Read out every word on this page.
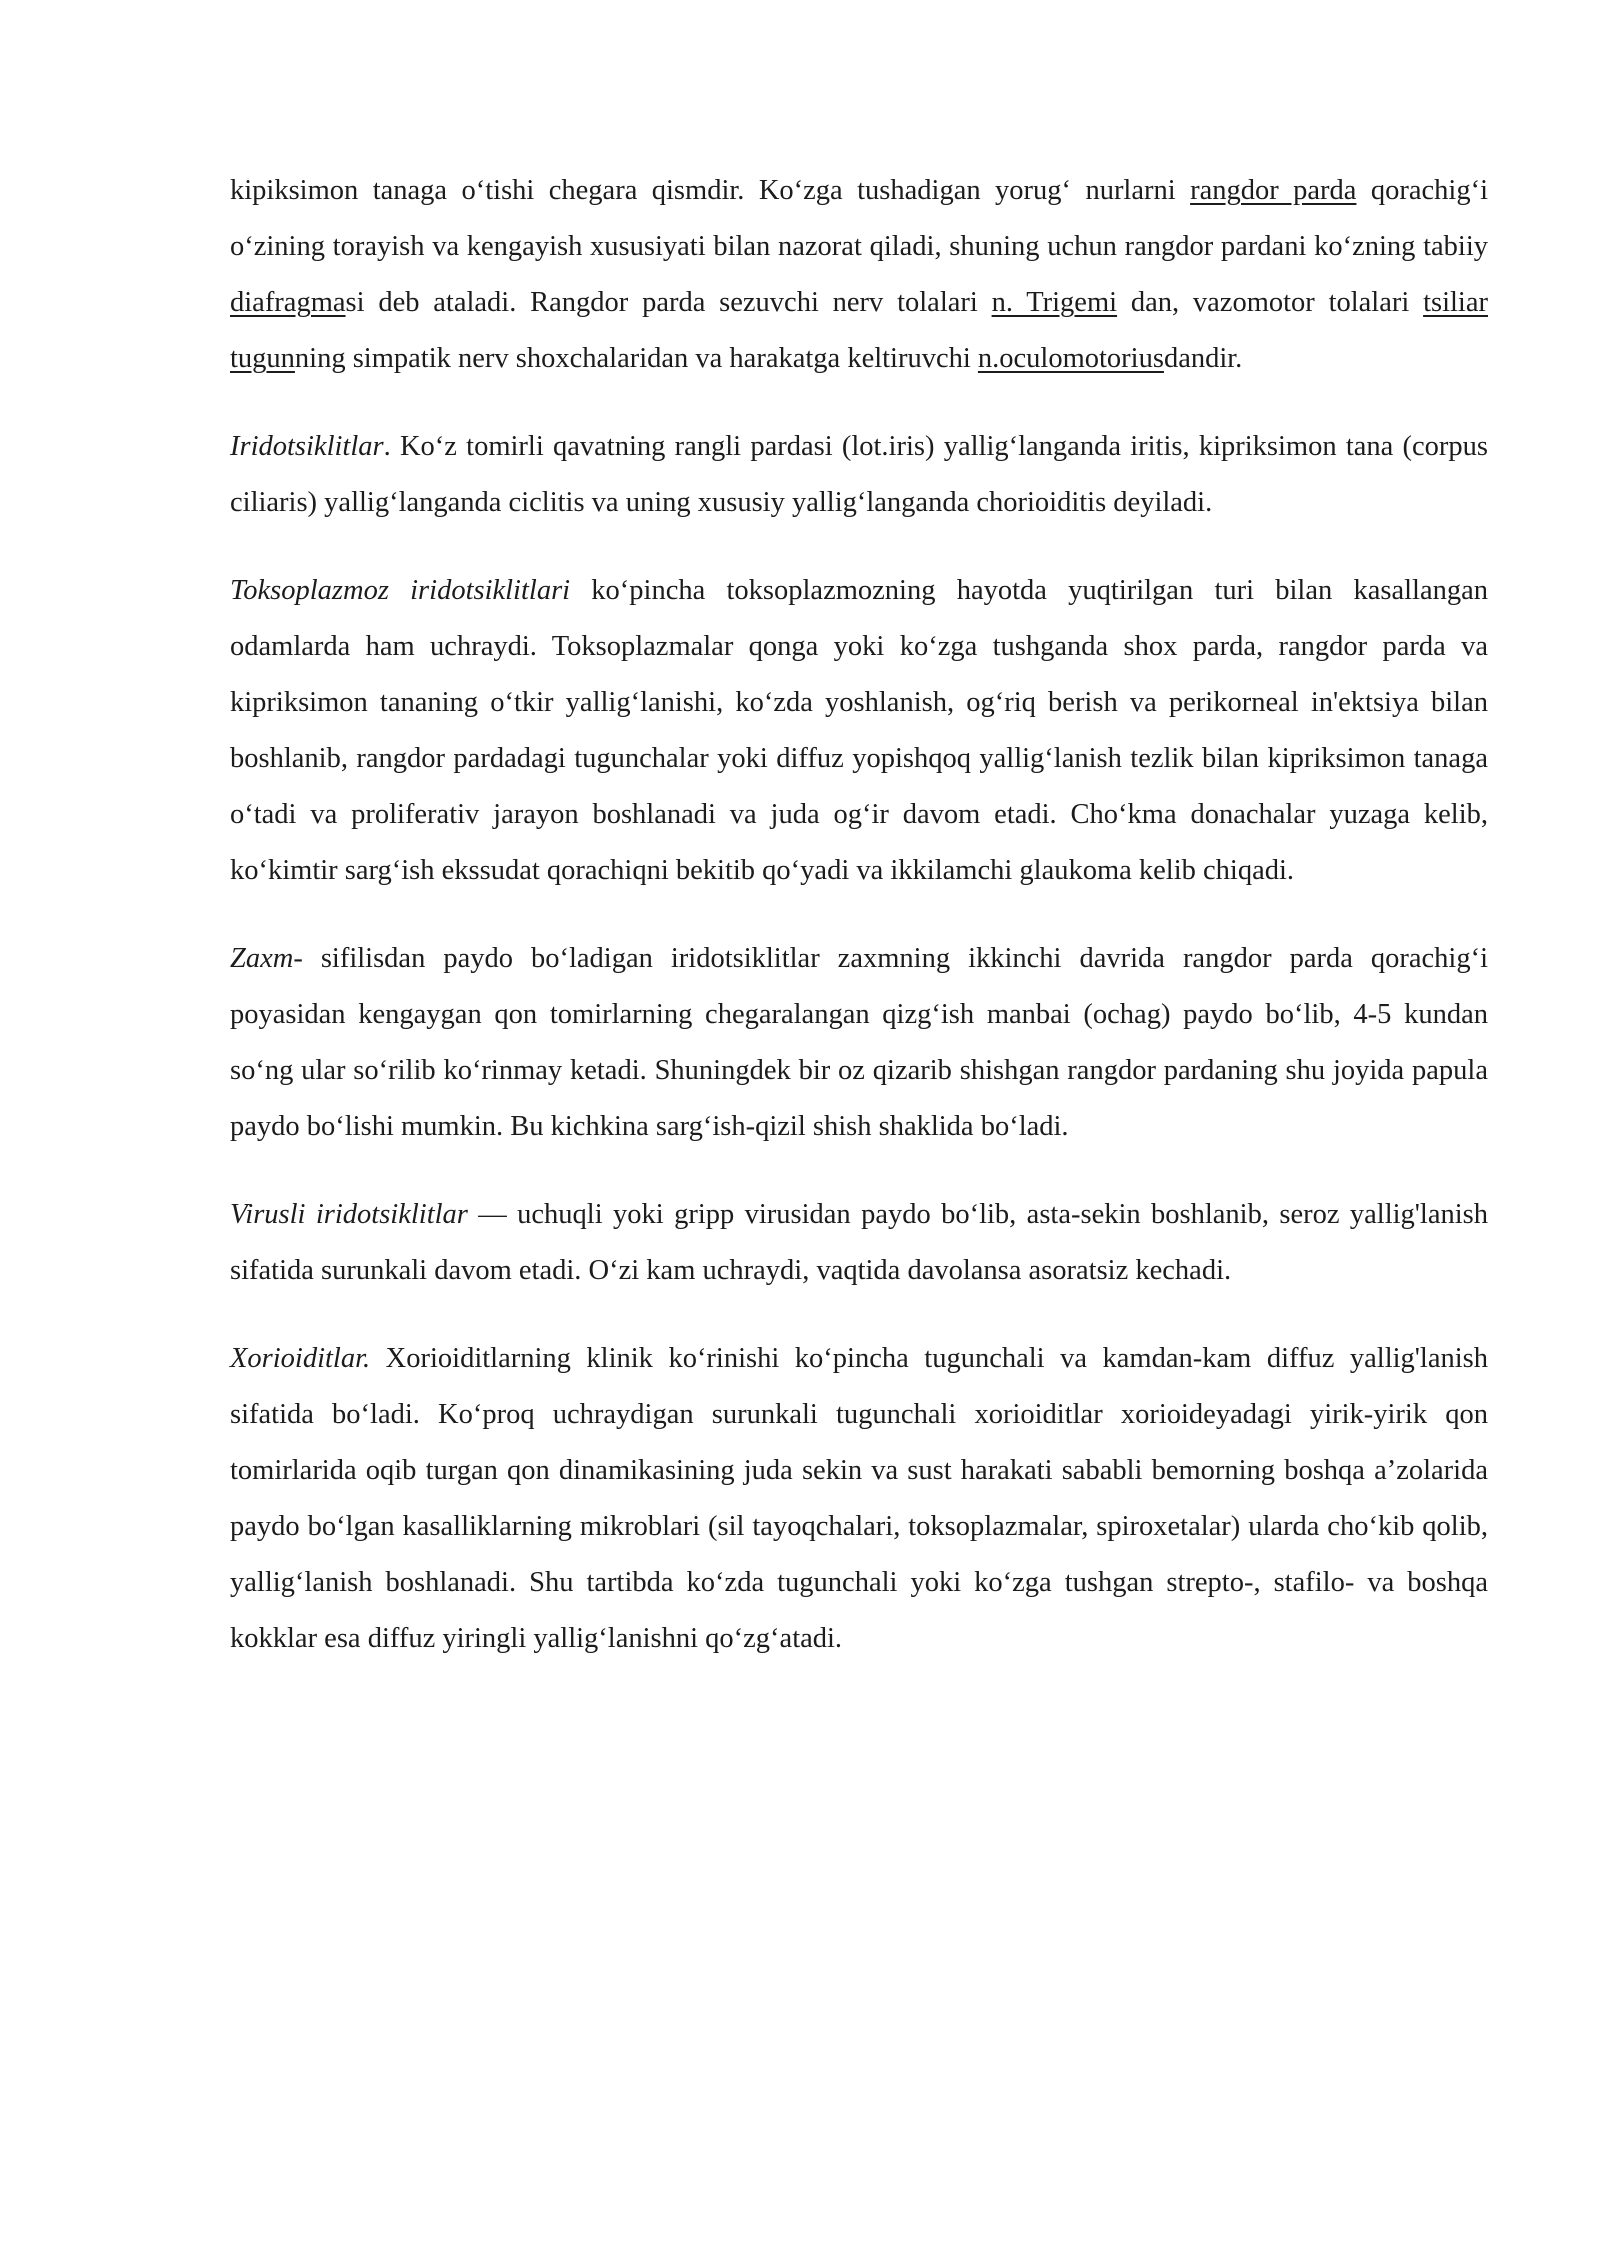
kipiksimon tanaga oʻtishi chegara qismdir. Koʻzga tushadigan yorugʻ nurlarni rangdor parda qorachigʻi oʻzining torayish va kengayish xususiyati bilan nazorat qiladi, shuning uchun rangdor pardani koʻzning tabiiy diafragmasi deb ataladi. Rangdor parda sezuvchi nerv tolalari n. Trigemi dan, vazomotor tolalari tsiliar tugunning simpatik nerv shoxchalaridan va harakatga keltiruvchi n.oculomotoriusdandir.

Iridotsiklitlar. Koʻz tomirli qavatning rangli pardasi (lot.iris) yalligʻlanganda iritis, kipriksimon tana (corpus ciliaris) yalligʻlanganda ciclitis va uning xususiy yalligʻlanganda chorioiditis deyiladi.

Toksoplazmoz iridotsiklitlari koʻpincha toksoplazmozning hayotda yuqtirilgan turi bilan kasallangan odamlarda ham uchraydi. Toksoplazmalar qonga yoki koʻzga tushganda shox parda, rangdor parda va kipriksimon tananing oʻtkir yalligʻlanishi, koʻzda yoshlanish, ogʻriq berish va perikorneal in'ektsiya bilan boshlanib, rangdor pardadagi tugunchalar yoki diffuz yopishqoq yalligʻlanish tezlik bilan kipriksimon tanaga oʻtadi va proliferativ jarayon boshlanadi va juda ogʻir davom etadi. Choʻkma donachalar yuzaga kelib, koʻkimtir sargʻish ekssudat qorachiqni bekitib qoʻyadi va ikkilamchi glaukoma kelib chiqadi.

Zaxm- sifilisdan paydo boʻladigan iridotsiklitlar zaxmning ikkinchi davrida rangdor parda qorachigʻi poyasidan kengaygan qon tomirlarning chegaralangan qizgʻish manbai (ochag) paydo boʻlib, 4-5 kundan soʻng ular soʻrilib koʻrinmay ketadi. Shuningdek bir oz qizarib shishgan rangdor pardaning shu joyida papula paydo boʻlishi mumkin. Bu kichkina sargʻish-qizil shish shaklida boʻladi.

Virusli iridotsiklitlar — uchuqli yoki gripp virusidan paydo boʻlib, asta-sekin boshlanib, seroz yallig'lanish sifatida surunkali davom etadi. Oʻzi kam uchraydi, vaqtida davolansa asoratsiz kechadi.

Xorioiditlar. Xorioiditlarning klinik koʻrinishi koʻpincha tugunchali va kamdan-kam diffuz yallig'lanish sifatida boʻladi. Koʻproq uchraydigan surunkali tugunchali xorioiditlar xorioideyadagi yirik-yirik qon tomirlarida oqib turgan qon dinamikasining juda sekin va sust harakati sababli bemorning boshqa a’zolarida paydo boʻlgan kasalliklarning mikroblari (sil tayoqchalari, toksoplazmalar, spiroxetalar) ularda choʻkib qolib, yalligʻlanish boshlanadi. Shu tartibda koʻzda tugunchali yoki koʻzga tushgan strepto-, stafilo- va boshqa kokklar esa diffuz yiringli yalligʻlanishni qoʻzgʻatadi.
